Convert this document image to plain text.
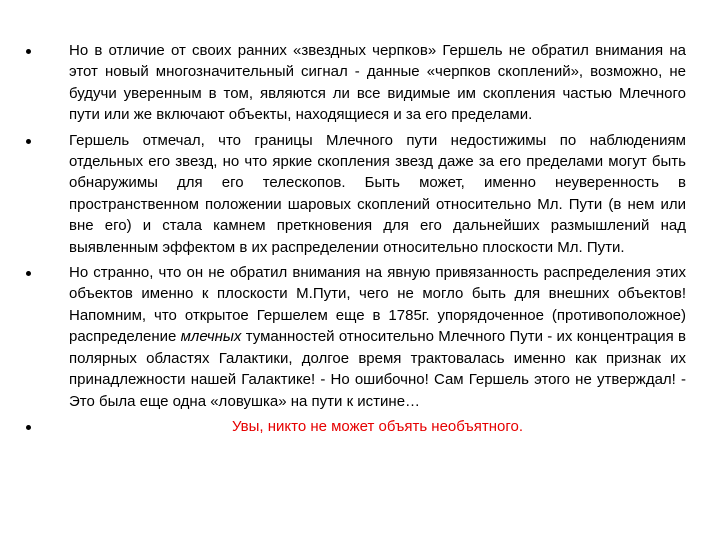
Но в отличие от своих ранних «звездных черпков» Гершель не обратил внимания на этот новый многозначительный сигнал - данные «черпков скоплений», возможно, не будучи уверенным в том, являются ли все видимые им скопления частью Млечного пути или же включают объекты, находящиеся и за его пределами.
Гершель отмечал, что границы Млечного пути недостижимы по наблюдениям отдельных его звезд, но что яркие скопления звезд даже за его пределами могут быть обнаружимы для его телескопов. Быть может, именно неуверенность в пространственном положении шаровых скоплений относительно Мл. Пути (в нем или вне его) и стала камнем преткновения для его дальнейших размышлений над выявленным эффектом в их распределении относительно плоскости Мл. Пути.
Но странно, что он не обратил внимания на явную привязанность распределения этих объектов именно к плоскости М.Пути, чего не могло быть для внешних объектов! Напомним, что открытое Гершелем еще в 1785г. упорядоченное (противоположное) распределение млечных туманностей относительно Млечного Пути - их концентрация в полярных областях Галактики, долгое время трактовалась именно как признак их принадлежности нашей Галактике! - Но ошибочно! Сам Гершель этого не утверждал! - Это была еще одна «ловушка» на пути к истине…
Увы, никто не может объять необъятного.
